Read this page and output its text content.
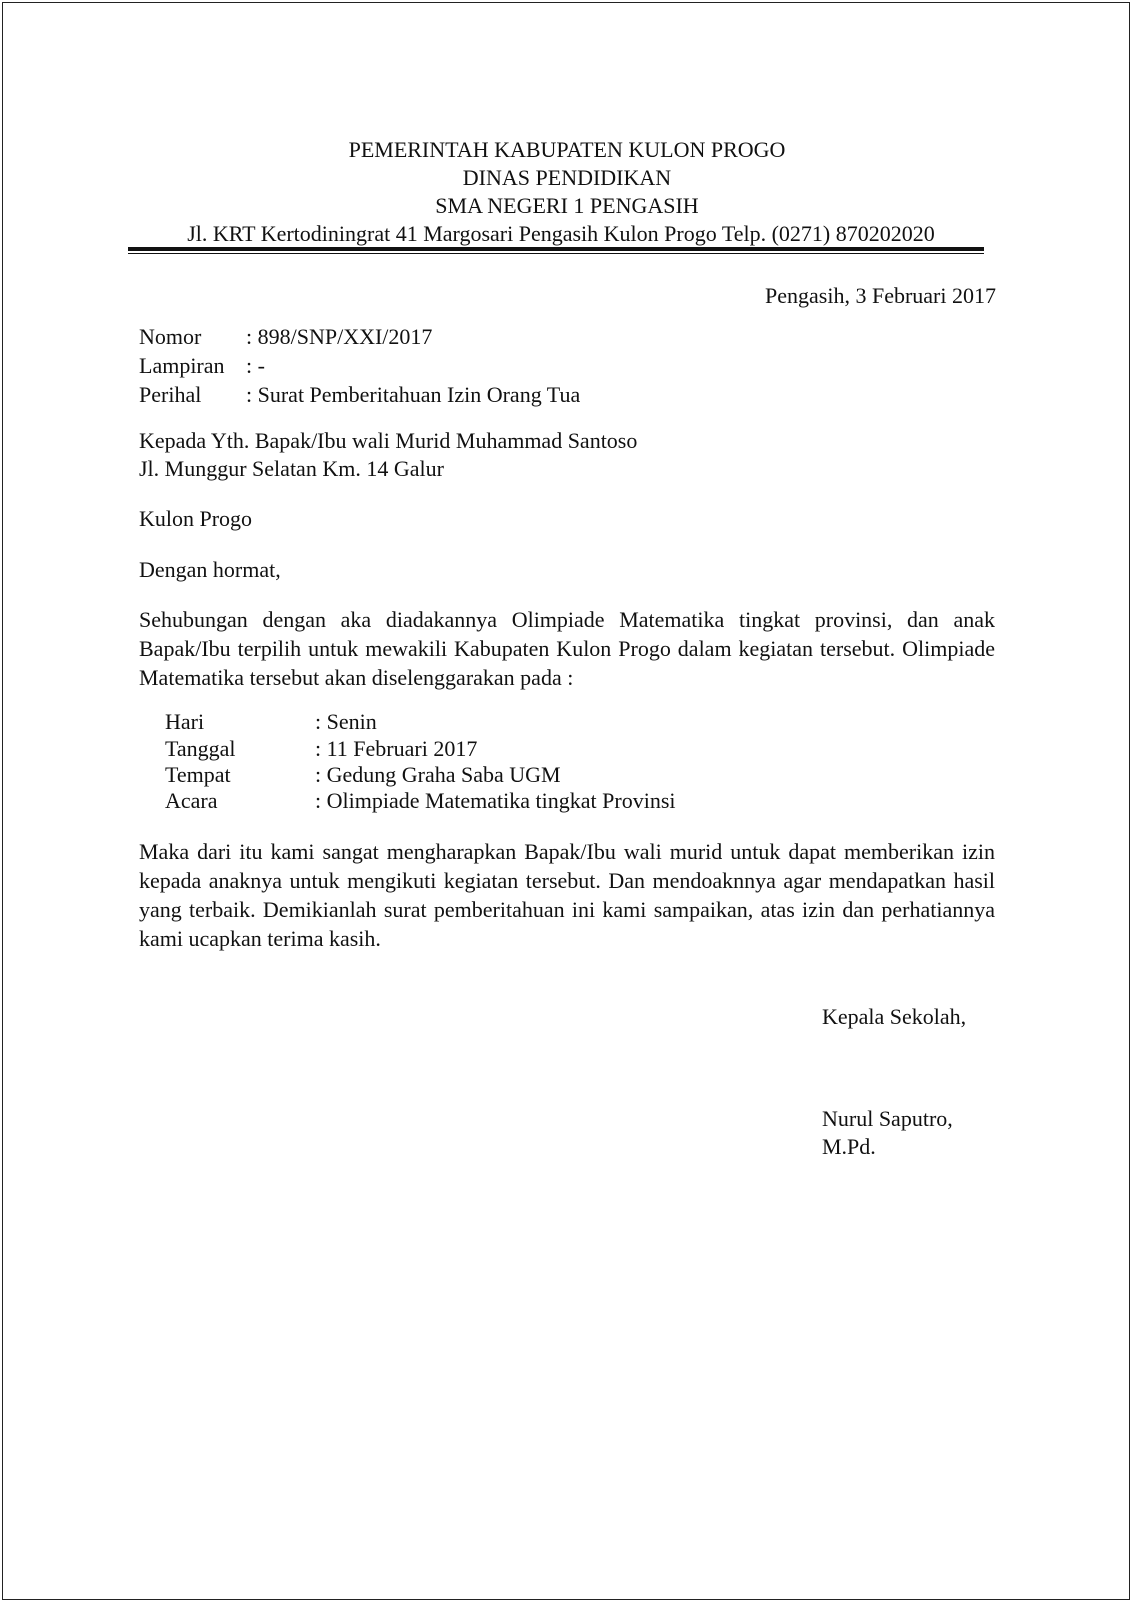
PEMERINTAH KABUPATEN KULON PROGO
DINAS PENDIDIKAN
SMA NEGERI 1 PENGASIH
Jl. KRT Kertodiningrat 41 Margosari Pengasih Kulon Progo Telp. (0271) 870202020
Pengasih, 3 Februari 2017
Nomor : 898/SNP/XXI/2017
Lampiran : -
Perihal : Surat Pemberitahuan Izin Orang Tua
Kepada Yth. Bapak/Ibu wali Murid Muhammad Santoso
Jl. Munggur Selatan Km. 14 Galur
Kulon Progo
Dengan hormat,
Sehubungan dengan aka diadakannya Olimpiade Matematika tingkat provinsi, dan anak Bapak/Ibu terpilih untuk mewakili Kabupaten Kulon Progo dalam kegiatan tersebut. Olimpiade Matematika tersebut akan diselenggarakan pada :
Hari	: Senin
Tanggal	: 11 Februari 2017
Tempat	: Gedung Graha Saba UGM
Acara	: Olimpiade Matematika tingkat Provinsi
Maka dari itu kami sangat mengharapkan Bapak/Ibu wali murid untuk dapat memberikan izin kepada anaknya untuk mengikuti kegiatan tersebut. Dan mendoaknnya agar mendapatkan hasil yang terbaik. Demikianlah surat pemberitahuan ini kami sampaikan, atas izin dan perhatiannya kami ucapkan terima kasih.
Kepala Sekolah,
Nurul Saputro,
M.Pd.
